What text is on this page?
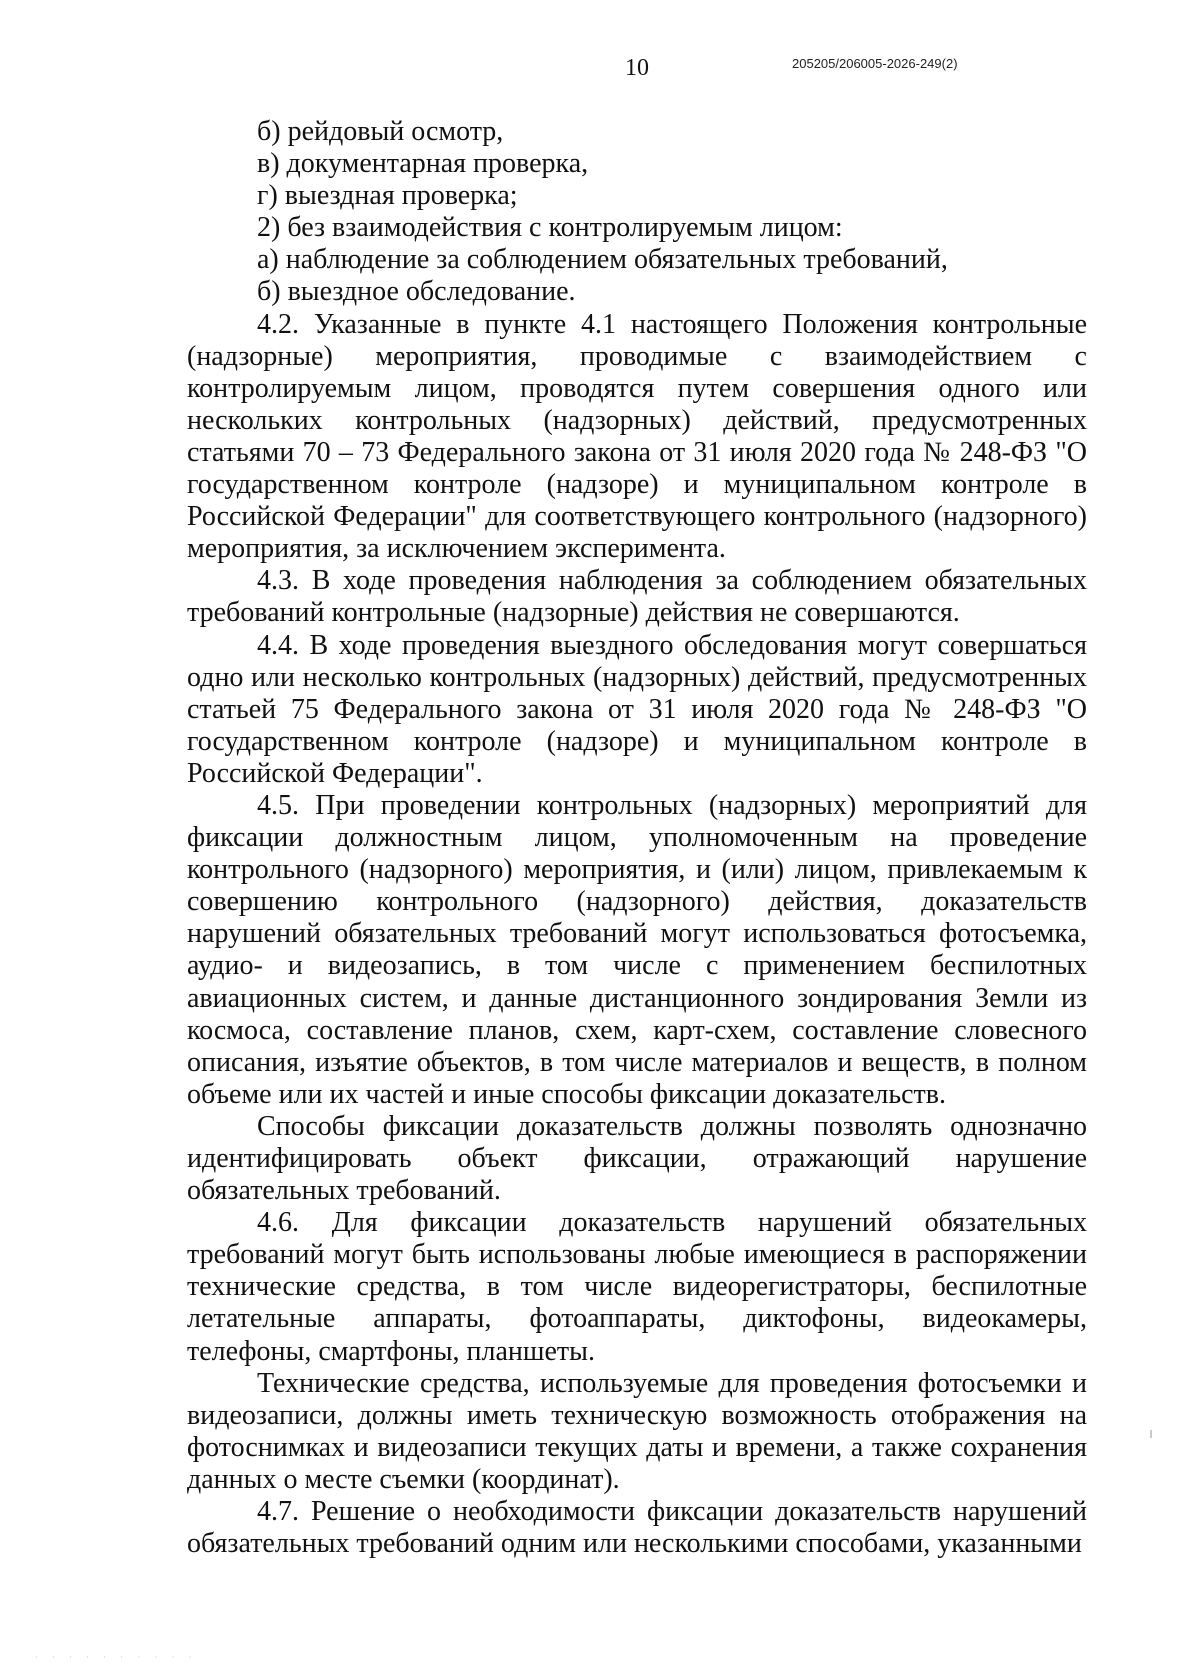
10	205205/206005-2026-249(2)

б) рейдовый осмотр,

в) документарная проверка,

г) выездная проверка;

2) без взаимодействия с контролируемым лицом:

а) наблюдение за соблюдением обязательных требований,

б) выездное обследование.

4.2. Указанные в пункте 4.1 настоящего Положения контрольные (надзорные) мероприятия, проводимые с взаимодействием с контролируемым лицом, проводятся путем совершения одного или нескольких контрольных (надзорных) действий, предусмотренных статьями 70 – 73 Федерального закона от 31 июля 2020 года № 248-ФЗ "О государственном контроле (надзоре) и муниципальном контроле в Российской Федерации" для соответствующего контрольного (надзорного) мероприятия, за исключением эксперимента.

4.3. В ходе проведения наблюдения за соблюдением обязательных требований контрольные (надзорные) действия не совершаются.

4.4. В ходе проведения выездного обследования могут совершаться одно или несколько контрольных (надзорных) действий, предусмотренных статьей 75 Федерального закона от 31 июля 2020 года № 248-ФЗ "О государственном контроле (надзоре) и муниципальном контроле в Российской Федерации".

4.5. При проведении контрольных (надзорных) мероприятий для фиксации должностным лицом, уполномоченным на проведение контрольного (надзорного) мероприятия, и (или) лицом, привлекаемым к совершению контрольного (надзорного) действия, доказательств нарушений обязательных требований могут использоваться фотосъемка, аудио- и видеозапись, в том числе с применением беспилотных авиационных систем, и данные дистанционного зондирования Земли из космоса, составление планов, схем, карт-схем, составление словесного описания, изъятие объектов, в том числе материалов и веществ, в полном объеме или их частей и иные способы фиксации доказательств.

Способы фиксации доказательств должны позволять однозначно идентифицировать объект фиксации, отражающий нарушение обязательных требований.

4.6. Для фиксации доказательств нарушений обязательных требований могут быть использованы любые имеющиеся в распоряжении технические средства, в том числе видеорегистраторы, беспилотные летательные аппараты, фотоаппараты, диктофоны, видеокамеры, телефоны, смартфоны, планшеты.

Технические средства, используемые для проведения фотосъемки и видеозаписи, должны иметь техническую возможность отображения на фотоснимках и видеозаписи текущих даты и времени, а также сохранения данных о месте съемки (координат).

4.7. Решение о необходимости фиксации доказательств нарушений обязательных требований одним или несколькими способами, указанными

· · · · · · · · · ·
